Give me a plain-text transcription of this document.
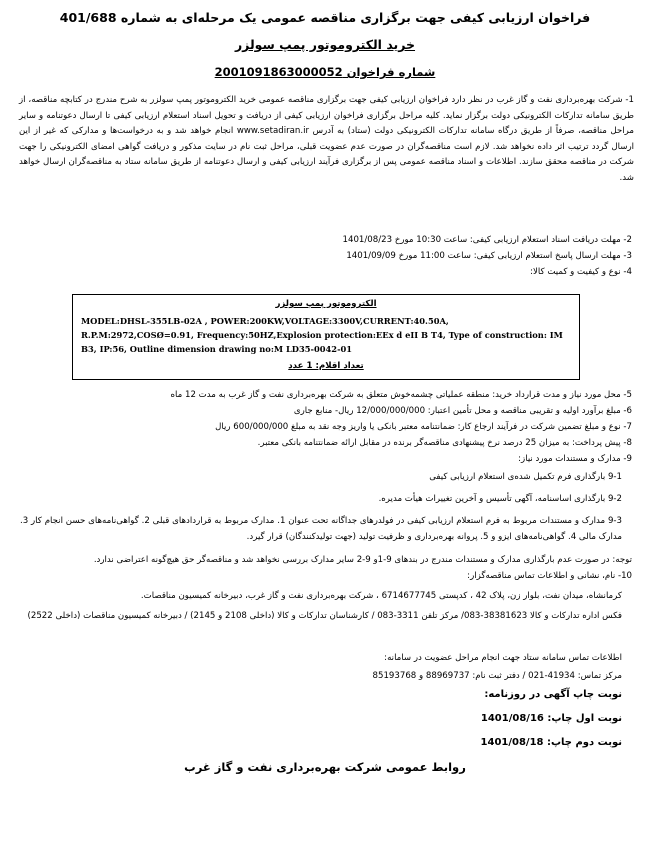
فراخوان ارزیابی کیفی جهت برگزاری مناقصه عمومی یک مرحله‌ای به شماره 401/688
خرید الکتروموتور پمپ سولزر
شماره فراخوان 2001091863000052
1- شرکت بهره‌برداری نفت و گاز غرب در نظر دارد فراخوان ارزیابی کیفی جهت برگزاری مناقصه عمومی خرید الکتروموتور پمپ سولزر به شرح مندرج در کتابچه مناقصه، از طریق سامانه تدارکات الکترونیکی دولت برگزار نماید. کلیه مراحل برگزاری فراخوان ارزیابی کیفی از دریافت و تحویل اسناد استعلام ارزیابی کیفی تا ارسال دعوتنامه و سایر مراحل مناقصه، صرفاً از طریق درگاه سامانه تدارکات الکترونیکی دولت (ستاد) به آدرس www.setadiran.ir انجام خواهد شد و به درخواست‌ها و مدارکی که غیر از این ارسال گردد ترتیب اثر داده نخواهد شد. لازم است مناقصه‌گران در صورت عدم عضویت قبلی، مراحل ثبت نام در سایت مذکور و دریافت گواهی امضای الکترونیکی را جهت شرکت در مناقصه محقق سازند. اطلاعات و اسناد مناقصه عمومی پس از برگزاری فرآیند ارزیابی کیفی و ارسال دعوتنامه از طریق سامانه ستاد به مناقصه‌گران ارسال خواهد شد.
2- مهلت دریافت اسناد استعلام ارزیابی کیفی: ساعت 10:30 مورخ 1401/08/23
3- مهلت ارسال پاسخ استعلام ارزیابی کیفی: ساعت 11:00 مورخ 1401/09/09
4- نوع و کیفیت و کمیت کالا:
الکتروموتور پمپ سولزر
MODEL:DHSL-355LB-02A , POWER:200KW,VOLTAGE:3300V,CURRENT:40.50A,
R.P.M:2972,COSØ=0.91, Frequency:50HZ,Explosion protection:EEx d eII B T4, Type of construction: IM
B3, IP:56, Outline dimension drawing no:M LD35-0042-01
تعداد اقلام: 1 عدد
5- محل مورد نیاز و مدت قرارداد خرید: منطقه عملیاتی چشمه‌خوش متعلق به شرکت بهره‌برداری نفت و گاز غرب به مدت 12 ماه
6- مبلغ برآورد اولیه و تقریبی مناقصه و محل تأمین اعتبار: 12/000/000/000 ریال- منابع جاری
7- نوع و مبلغ تضمین شرکت در فرآیند ارجاع کار: ضمانتنامه معتبر بانکی یا واریز وجه نقد به مبلغ 600/000/000 ریال
8- پیش پرداخت: به میزان 25 درصد نرخ پیشنهادی مناقصه‌گر برنده در مقابل ارائه ضمانتنامه بانکی معتبر.
9- مدارک و مستندات مورد نیاز:
9-1 بارگذاری فرم تکمیل شده‌ی استعلام ارزیابی کیفی
9-2 بارگذاری اساسنامه، آگهی تأسیس و آخرین تغییرات هیأت مدیره.
9-3 مدارک و مستندات مربوط به فرم استعلام ارزیابی کیفی در فولدرهای جداگانه تحت عنوان 1. مدارک مربوط به قراردادهای قبلی 2. گواهی‌نامه‌های حسن انجام کار 3. مدارک مالی 4. گواهی‌نامه‌های ایزو و 5. پروانه بهره‌برداری و ظرفیت تولید (جهت تولیدکنندگان) قرار گیرد.
توجه: در صورت عدم بارگذاری مدارک و مستندات مندرج در بندهای 9-1و 9-2 سایر مدارک بررسی نخواهد شد و مناقصه‌گر حق هیچ‌گونه اعتراضی ندارد.
10- نام، نشانی و اطلاعات تماس مناقصه‌گزار:
کرمانشاه، میدان نفت، بلوار زن، پلاک 42 ، کدپستی 6714677745 ، شرکت بهره‌برداری نفت و گاز غرب، دبیرخانه کمیسیون مناقصات.
فکس اداره تدارکات و کالا 38381623-083/ مرکز تلفن 3311-083 / کارشناسان تدارکات و کالا (داخلی 2108 و 2145) / دبیرخانه کمیسیون مناقصات (داخلی 2522)
اطلاعات تماس سامانه ستاد جهت انجام مراحل عضویت در سامانه:
مرکز تماس: 41934-021 / دفتر ثبت نام: 88969737 و 85193768
نوبت چاپ آگهی در روزنامه:
نوبت اول چاپ: 1401/08/16
نوبت دوم چاپ: 1401/08/18
روابط عمومی شرکت بهره‌برداری نفت و گاز غرب
